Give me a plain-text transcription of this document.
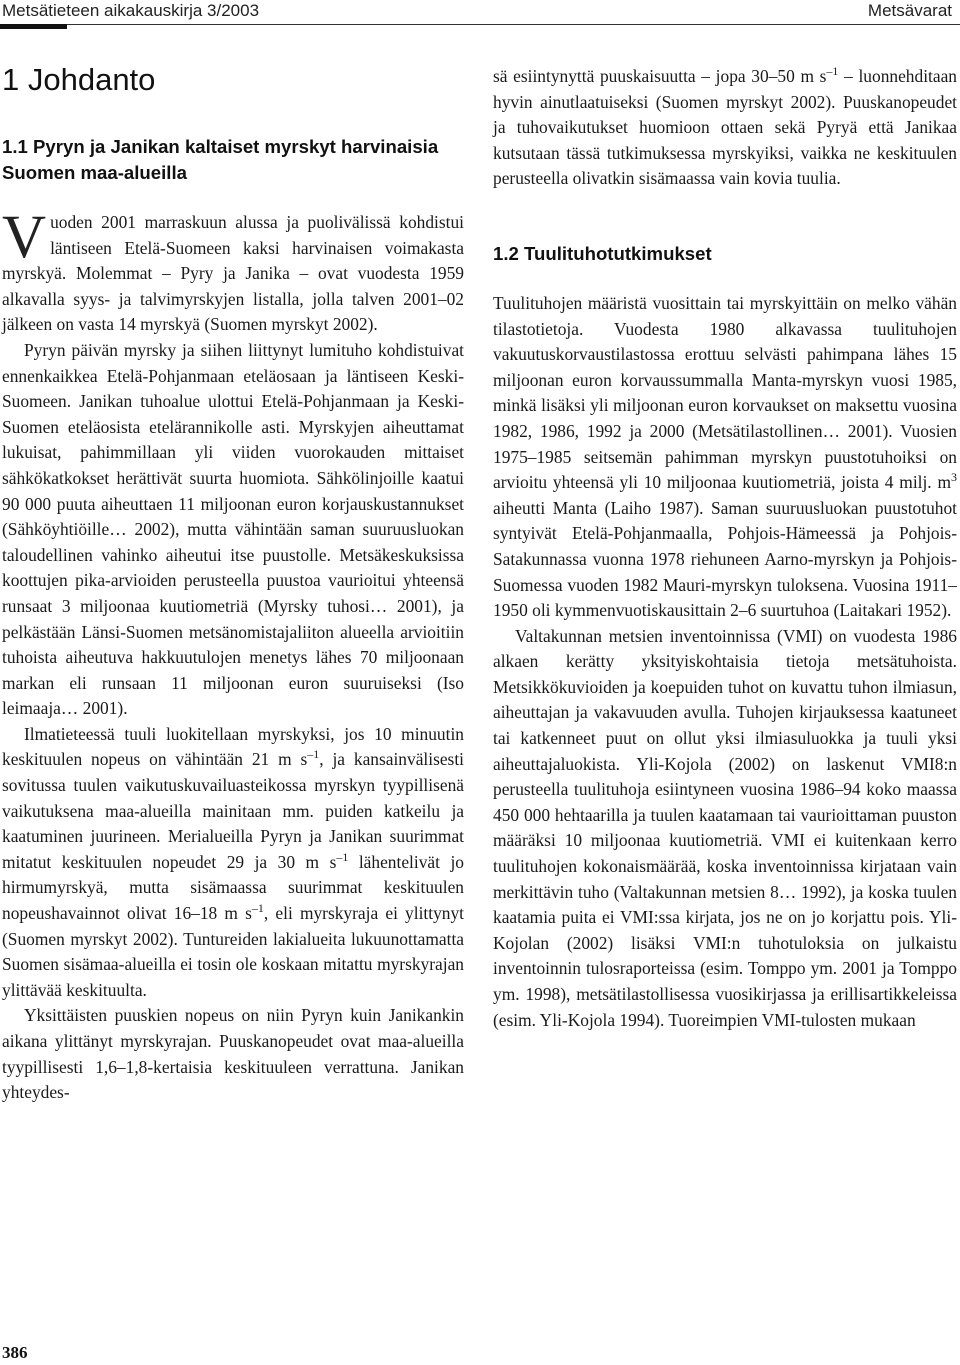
Metsätieteen aikakauskirja 3/2003	Metsävarat
1 Johdanto
1.1 Pyryn ja Janikan kaltaiset myrskyt harvinaisia Suomen maa-alueilla

Vuoden 2001 marraskuun alussa ja puolivälissä kohdistui läntiseen Etelä-Suomeen kaksi harvinaisen voimakasta myrskyä. Molemmat – Pyry ja Janika – ovat vuodesta 1959 alkavalla syys- ja talvimyrskyjen listalla, jolla talven 2001–02 jälkeen on vasta 14 myrskyä (Suomen myrskyt 2002).

Pyryn päivän myrsky ja siihen liittynyt lumituho kohdistuivat ennenkaikkea Etelä-Pohjanmaan eteläosaan ja läntiseen Keski-Suomeen. Janikan tuhoalue ulottui Etelä-Pohjanmaan ja Keski-Suomen eteläosista etelärannikolle asti. Myrskyjen aiheuttamat lukuisat, pahimmillaan yli viiden vuorokauden mittaiset sähkökatkokset herättivät suurta huomiota. Sähkölinjoille kaatui 90 000 puuta aiheuttaen 11 miljoonan euron korjauskustannukset (Sähköyhtiöille… 2002), mutta vähintään saman suuruusluokan taloudellinen vahinko aiheutui itse puustolle. Metsäkeskuksissa koottujen pika-arvioiden perusteella puustoa vaurioitui yhteensä runsaat 3 miljoonaa kuutiometriä (Myrsky tuhosi… 2001), ja pelkästään Länsi-Suomen metsänomistajaliiton alueella arvioitiin tuhoista aiheutuva hakkuutulojen menetys lähes 70 miljoonaan markan eli runsaan 11 miljoonan euron suuruiseksi (Iso leimaaja… 2001).

Ilmatieteessä tuuli luokitellaan myrskyksi, jos 10 minuutin keskituulen nopeus on vähintään 21 m $s^{-1}$, ja kansainvälisesti sovitussa tuulen vaikutuskuvailuasteikossa myrskyn tyypillisenä vaikutuksena maa-alueilla mainitaan mm. puiden katkeilu ja kaatuminen juurineen. Merialueilla Pyryn ja Janikan suurimmat mitatut keskituulen nopeudet 29 ja 30 m $s^{-1}$ lähentelivät jo hirmumyrskyä, mutta sisämaassa suurimmat keskituulen nopeushavainnot olivat 16–18 m $s^{-1}$, eli myrskyraja ei ylittynyt (Suomen myrskyt 2002). Tuntureiden lakialueita lukuunottamatta Suomen sisämaa-alueilla ei tosin ole koskaan mitattu myrskyrajan ylittävää keskituulta.

Yksittäisten puuskien nopeus on niin Pyryn kuin Janikankin aikana ylittänyt myrskyrajan. Puuskanopeudet ovat maa-alueilla tyypillisesti 1,6–1,8-kertaisia keskituuleen verrattuna. Janikan yhteydes-

sä esiintynyttä puuskaisuutta – jopa 30–50 m $s^{-1}$ – luonnehditaan hyvin ainutlaatuiseksi (Suomen myrskyt 2002). Puuskanopeudet ja tuhovaikutukset huomioon ottaen sekä Pyryä että Janikaa kutsutaan tässä tutkimuksessa myrskyiksi, vaikka ne keskituulen perusteella olivatkin sisämaassa vain kovia tuulia.

1.2 Tuulituhotutkimukset

Tuulituhojen määristä vuosittain tai myrskyittäin on melko vähän tilastotietoja. Vuodesta 1980 alkavassa tuulituhojen vakuutuskorvaustilastossa erottuu selvästi pahimpana lähes 15 miljoonan euron korvaussummalla Manta-myrskyn vuosi 1985, minkä lisäksi yli miljoonan euron korvaukset on maksettu vuosina 1982, 1986, 1992 ja 2000 (Metsätilastollinen… 2001). Vuosien 1975–1985 seitsemän pahimman myrskyn puustotuhoiksi on arvioitu yhteensä yli 10 miljoonaa kuutiometriä, joista 4 milj. $m^3$ aiheutti Manta (Laiho 1987). Saman suuruusluokan puustotuhot syntyivät Etelä-Pohjanmaalla, Pohjois-Hämeessä ja Pohjois-Satakunnassa vuonna 1978 riehuneen Aarno-myrskyn ja Pohjois-Suomessa vuoden 1982 Mauri-myrskyn tuloksena. Vuosina 1911–1950 oli kymmenvuotiskausittain 2–6 suurtuhoa (Laitakari 1952).

Valtakunnan metsien inventoinnissa (VMI) on vuodesta 1986 alkaen kerätty yksityiskohtaisia tietoja metsätuhoista. Metsikkökuvioiden ja koepuiden tuhot on kuvattu tuhon ilmiasun, aiheuttajan ja vakavuuden avulla. Tuhojen kirjauksessa kaatuneet tai katkenneet puut on ollut yksi ilmiasuluokka ja tuuli yksi aiheuttajaluokista. Yli-Kojola (2002) on laskenut VMI8:n perusteella tuulituhoja esiintyneen vuosina 1986–94 koko maassa 450 000 hehtaarilla ja tuulen kaatamaan tai vaurioittaman puuston määräksi 10 miljoonaa kuutiometriä. VMI ei kuitenkaan kerro tuulituhojen kokonaismäärää, koska inventoinnissa kirjataan vain merkittävin tuho (Valtakunnan metsien 8… 1992), ja koska tuulen kaatamia puita ei VMI:ssa kirjata, jos ne on jo korjattu pois. Yli-Kojolan (2002) lisäksi VMI:n tuhotuloksia on julkaistu inventoinnin tulosraporteissa (esim. Tomppo ym. 2001 ja Tomppo ym. 1998), metsätilastollisessa vuosikirjassa ja erillisartikkeleissa (esim. Yli-Kojola 1994). Tuoreimpien VMI-tulosten mukaan

386
